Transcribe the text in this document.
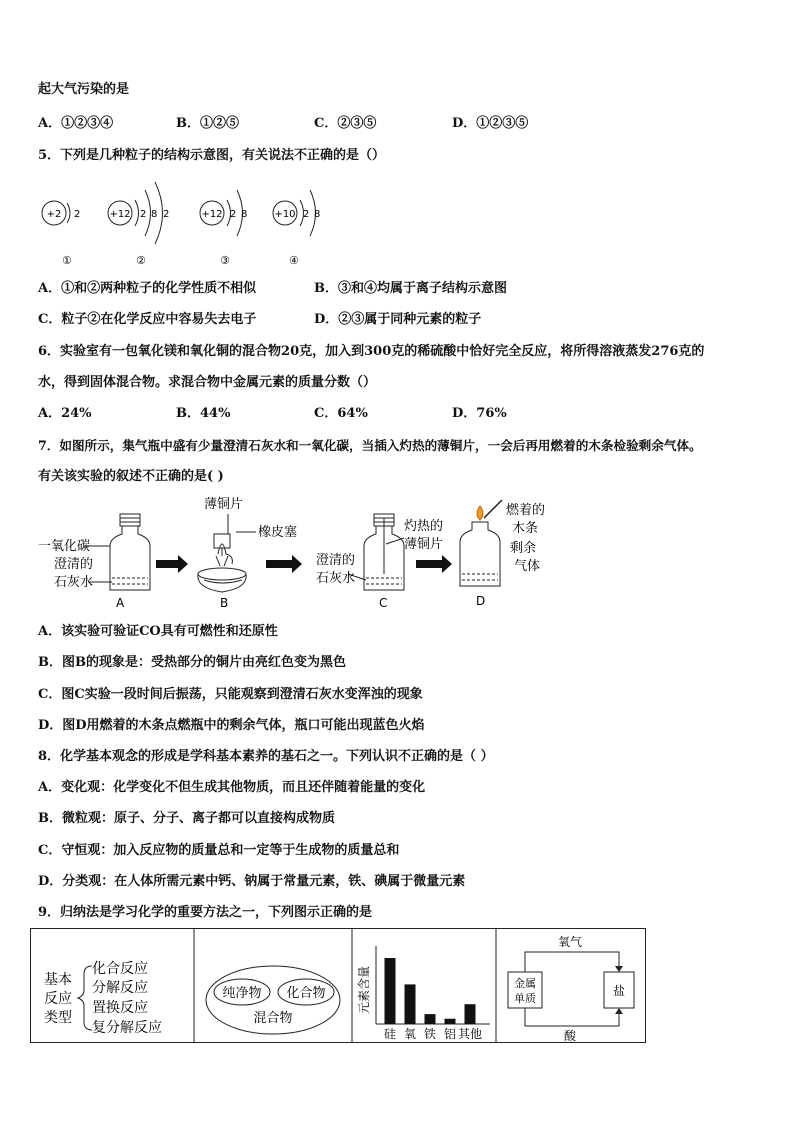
起大气污染的是
A．①②③④	B．①②⑤	C．②③⑤	D．①②③⑤
5．下列是几种粒子的结构示意图，有关说法不正确的是（）
+2 2
①
+12 2 8 2
②
+12 2 8
③
+10 2 8
④
A．①和②两种粒子的化学性质不相似	B．③和④均属于离子结构示意图
C．粒子②在化学反应中容易失去电子	D．②③属于同种元素的粒子
6．实验室有一包氧化镁和氧化铜的混合物20克，加入到300克的稀硫酸中恰好完全反应，将所得溶液蒸发276克的
水，得到固体混合物。求混合物中金属元素的质量分数（）
A．24%	B．44%	C．64%	D．76%
7．如图所示，集气瓶中盛有少量澄清石灰水和一氧化碳，当插入灼热的薄铜片，一会后再用燃着的木条检验剩余气体。
有关该实验的叙述不正确的是( )
一氧化碳
澄清的
石灰水
A
薄铜片
橡皮塞
B
澄清的
石灰水
灼热的
薄铜片
C
燃着的
木条
剩余
气体
D
A．该实验可验证CO具有可燃性和还原性
B．图B的现象是：受热部分的铜片由亮红色变为黑色
C．图C实验一段时间后振荡，只能观察到澄清石灰水变浑浊的现象
D．图D用燃着的木条点燃瓶中的剩余气体，瓶口可能出现蓝色火焰
8．化学基本观念的形成是学科基本素养的基石之一。下列认识不正确的是（ ）
A．变化观：化学变化不但生成其他物质，而且还伴随着能量的变化
B．微粒观：原子、分子、离子都可以直接构成物质
C．守恒观：加入反应物的质量总和一定等于生成物的质量总和
D．分类观：在人体所需元素中钙、钠属于常量元素，铁、碘属于微量元素
9．归纳法是学习化学的重要方法之一，下列图示正确的是
基本
反应
类型
化合反应
分解反应
置换反应
复分解反应
纯净物 化合物
混合物
元素含量
硅 氧 铁 铝 其他
氧气
金属
单质
盐
酸
